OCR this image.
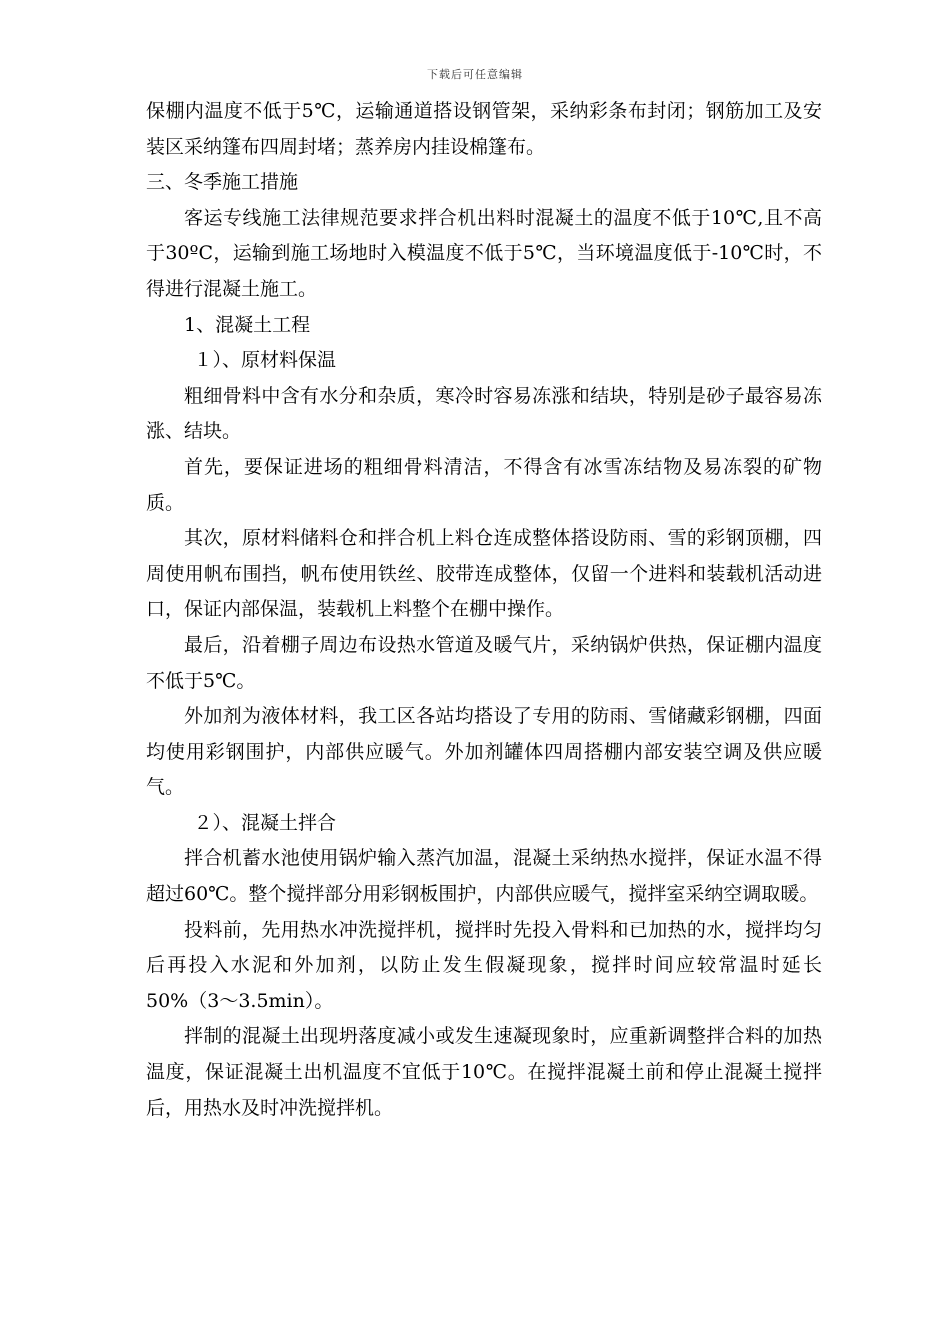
下载后可任意编辑

保棚内温度不低于5℃，运输通道搭设钢管架，采纳彩条布封闭；钢筋加工及安装区采纳篷布四周封堵；蒸养房内挂设棉篷布。

三、冬季施工措施

客运专线施工法律规范要求拌合机出料时混凝土的温度不低于10℃,且不高于30ºC，运输到施工场地时入模温度不低于5℃，当环境温度低于-10℃时，不得进行混凝土施工。

1、混凝土工程

１）、原材料保温

粗细骨料中含有水分和杂质，寒冷时容易冻涨和结块，特别是砂子最容易冻涨、结块。

首先，要保证进场的粗细骨料清洁，不得含有冰雪冻结物及易冻裂的矿物质。

其次，原材料储料仓和拌合机上料仓连成整体搭设防雨、雪的彩钢顶棚，四周使用帆布围挡，帆布使用铁丝、胶带连成整体，仅留一个进料和装载机活动进口，保证内部保温，装载机上料整个在棚中操作。

最后，沿着棚子周边布设热水管道及暖气片，采纳锅炉供热，保证棚内温度不低于5℃。

外加剂为液体材料，我工区各站均搭设了专用的防雨、雪储藏彩钢棚，四面均使用彩钢围护，内部供应暖气。外加剂罐体四周搭棚内部安装空调及供应暖气。

２）、混凝土拌合

拌合机蓄水池使用锅炉输入蒸汽加温，混凝土采纳热水搅拌，保证水温不得超过60℃。整个搅拌部分用彩钢板围护，内部供应暖气，搅拌室采纳空调取暖。

投料前，先用热水冲洗搅拌机，搅拌时先投入骨料和已加热的水，搅拌均匀后再投入水泥和外加剂，以防止发生假凝现象，搅拌时间应较常温时延长50%（3～3.5min）。

拌制的混凝土出现坍落度减小或发生速凝现象时，应重新调整拌合料的加热温度，保证混凝土出机温度不宜低于10℃。在搅拌混凝土前和停止混凝土搅拌后，用热水及时冲洗搅拌机。
